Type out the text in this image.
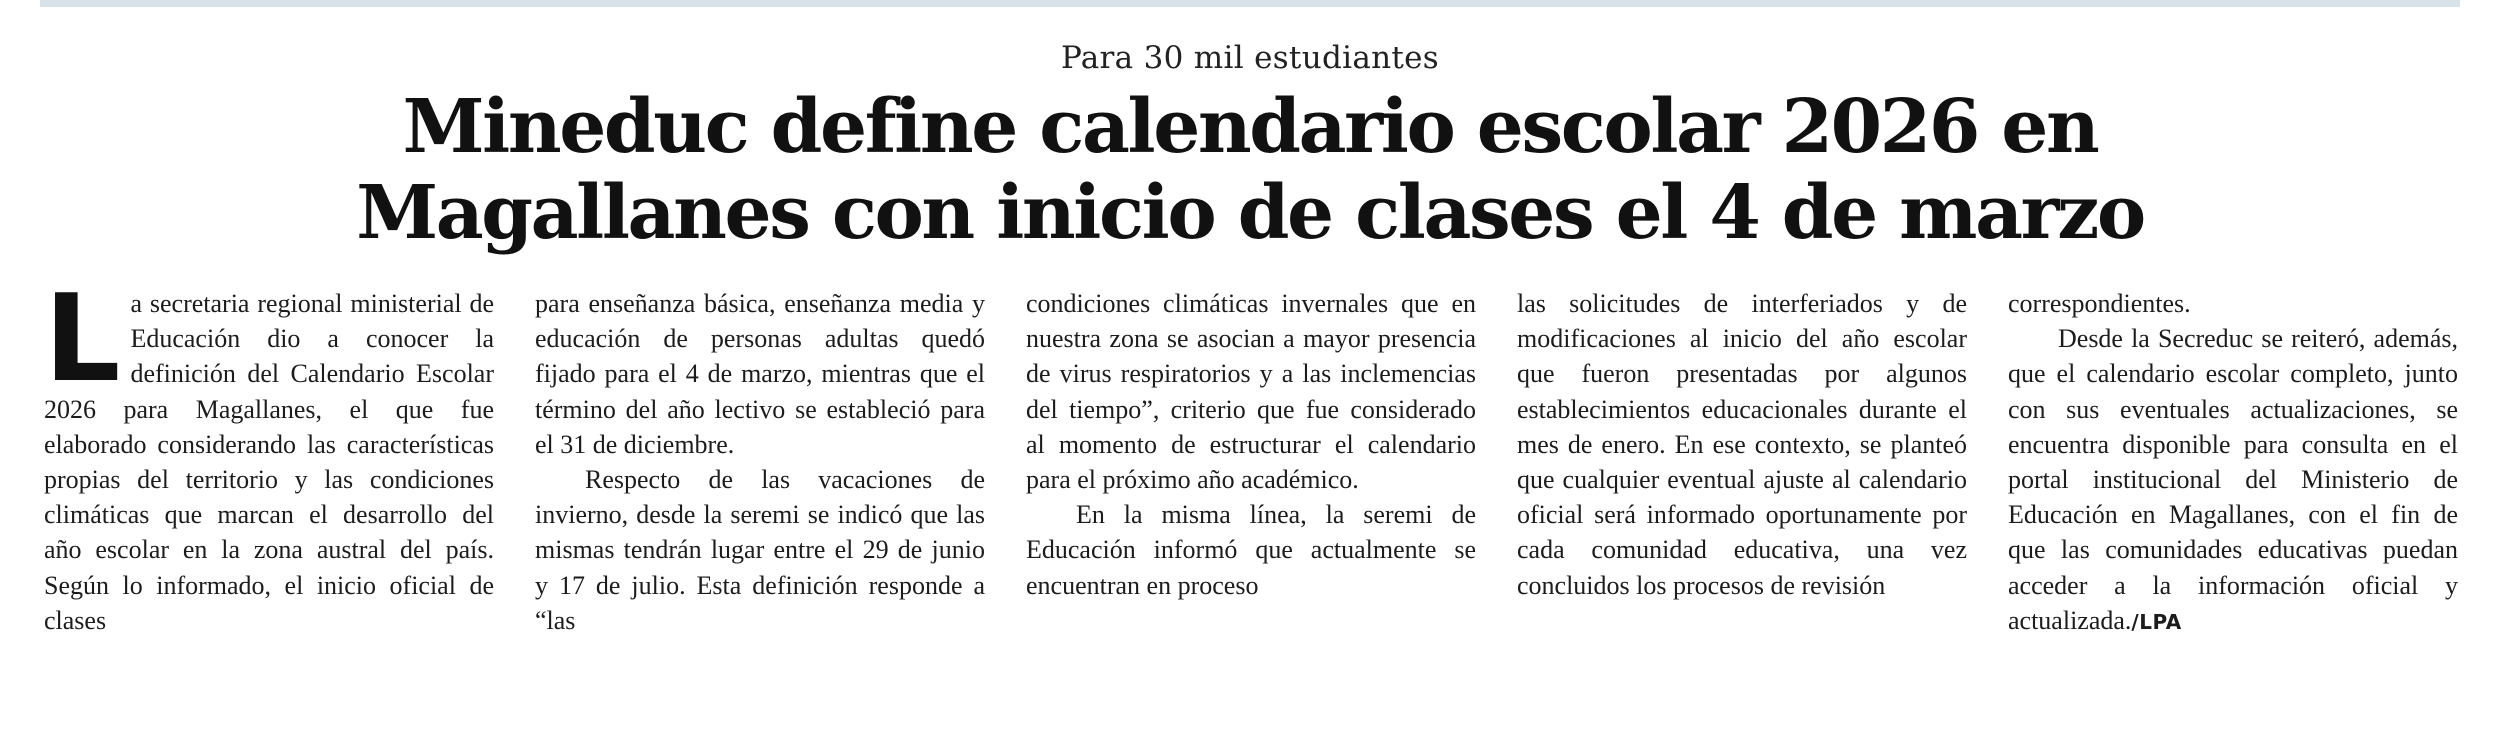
Para 30 mil estudiantes
Mineduc define calendario escolar 2026 en
Magallanes con inicio de clases el 4 de marzo

La secretaria regional ministerial de Educación dio a conocer la definición del Calendario Escolar 2026 para Magallanes, el que fue elaborado considerando las características propias del territorio y las condiciones climáticas que marcan el desarrollo del año escolar en la zona austral del país. Según lo informado, el inicio oficial de clases

para enseñanza básica, enseñanza media y educación de personas adultas quedó fijado para el 4 de marzo, mientras que el término del año lectivo se estableció para el 31 de diciembre.

Respecto de las vacaciones de invierno, desde la seremi se indicó que las mismas tendrán lugar entre el 29 de junio y 17 de julio. Esta definición responde a “las

condiciones climáticas invernales que en nuestra zona se asocian a mayor presencia de virus respiratorios y a las inclemencias del tiempo”, criterio que fue considerado al momento de estructurar el calendario para el próximo año académico.

En la misma línea, la seremi de Educación informó que actualmente se encuentran en proceso

las solicitudes de interferiados y de modificaciones al inicio del año escolar que fueron presentadas por algunos establecimientos educacionales durante el mes de enero. En ese contexto, se planteó que cualquier eventual ajuste al calendario oficial será informado oportunamente por cada comunidad educativa, una vez concluidos los procesos de revisión

correspondientes.

Desde la Secreduc se reiteró, además, que el calendario escolar completo, junto con sus eventuales actualizaciones, se encuentra disponible para consulta en el portal institucional del Ministerio de Educación en Magallanes, con el fin de que las comunidades educativas puedan acceder a la información oficial y actualizada./LPA
